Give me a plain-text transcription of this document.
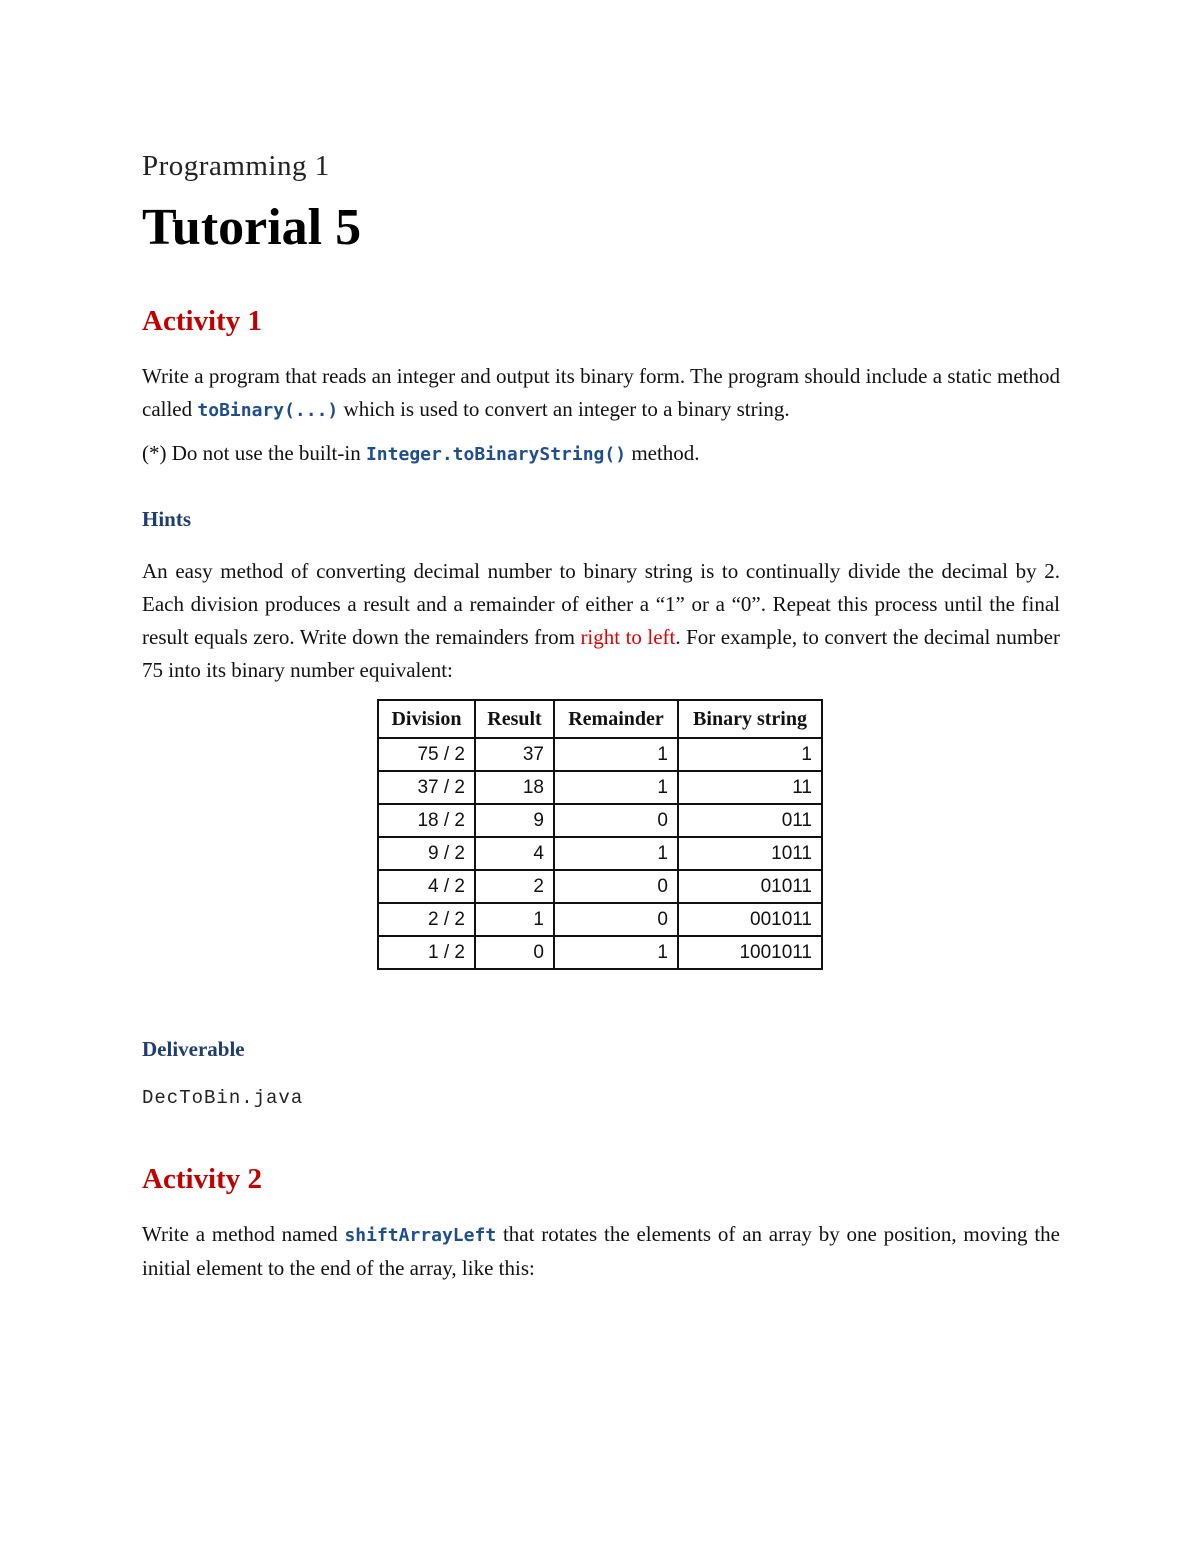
Programming 1
Tutorial 5
Activity 1
Write a program that reads an integer and output its binary form. The program should include a static method called toBinary(...) which is used to convert an integer to a binary string.
(*) Do not use the built-in Integer.toBinaryString() method.
Hints
An easy method of converting decimal number to binary string is to continually divide the decimal by 2. Each division produces a result and a remainder of either a “1” or a “0”. Repeat this process until the final result equals zero. Write down the remainders from right to left. For example, to convert the decimal number 75 into its binary number equivalent:
Division	Result	Remainder	Binary string
75 / 2	37	1	1
37 / 2	18	1	11
18 / 2	9	0	011
9 / 2	4	1	1011
4 / 2	2	0	01011
2 / 2	1	0	001011
1 / 2	0	1	1001011
Deliverable
DecToBin.java
Activity 2
Write a method named shiftArrayLeft that rotates the elements of an array by one position, moving the initial element to the end of the array, like this:
